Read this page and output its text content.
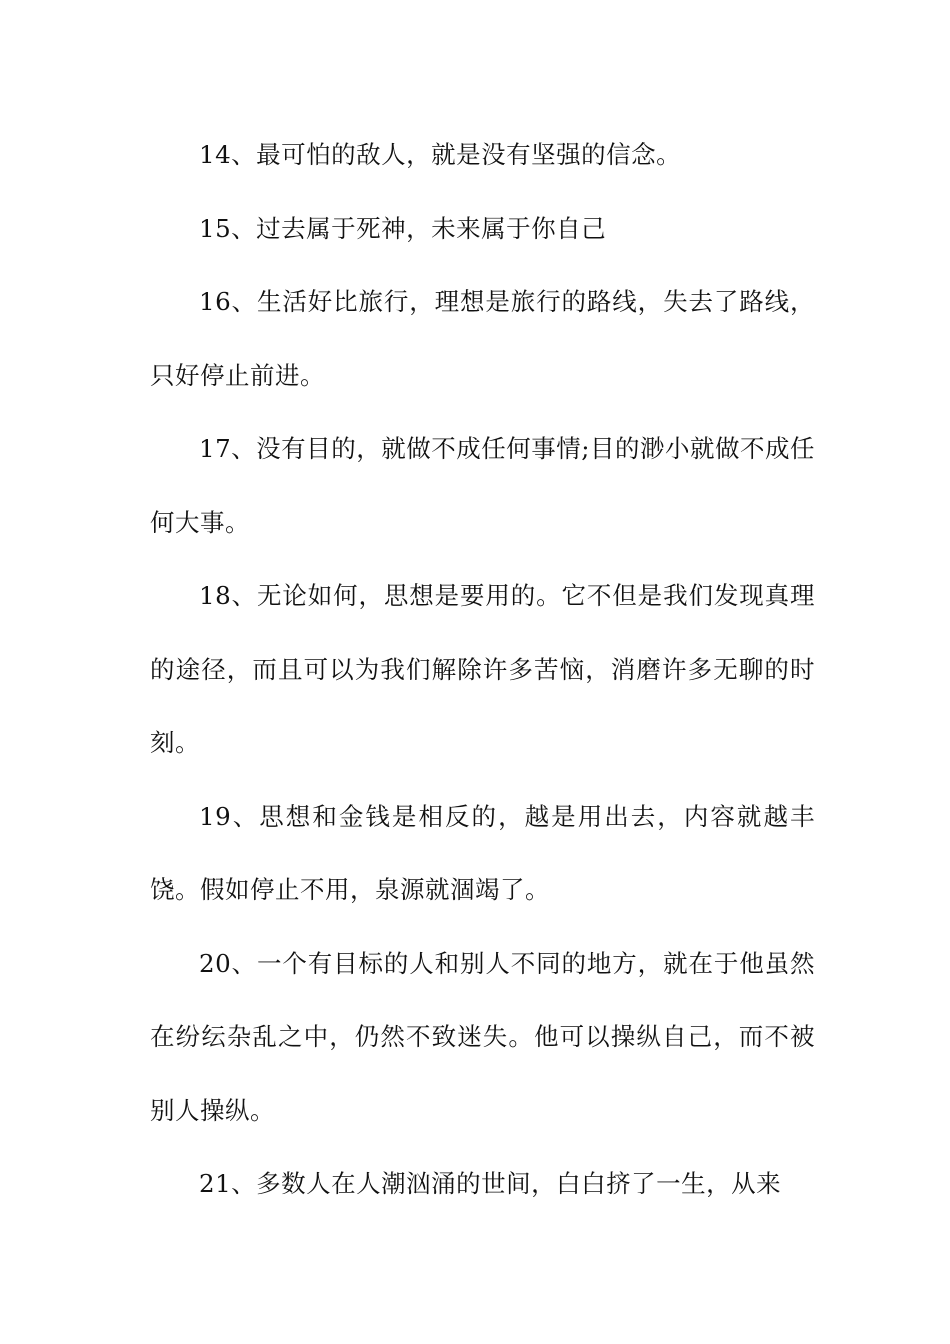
14、最可怕的敌人，就是没有坚强的信念。

15、过去属于死神，未来属于你自己

16、生活好比旅行，理想是旅行的路线，失去了路线，只好停止前进。

17、没有目的，就做不成任何事情;目的渺小就做不成任何大事。

18、无论如何，思想是要用的。它不但是我们发现真理的途径，而且可以为我们解除许多苦恼，消磨许多无聊的时刻。

19、思想和金钱是相反的，越是用出去，内容就越丰饶。假如停止不用，泉源就涸竭了。

20、一个有目标的人和别人不同的地方，就在于他虽然在纷纭杂乱之中，仍然不致迷失。他可以操纵自己，而不被别人操纵。

21、多数人在人潮汹涌的世间，白白挤了一生，从来
